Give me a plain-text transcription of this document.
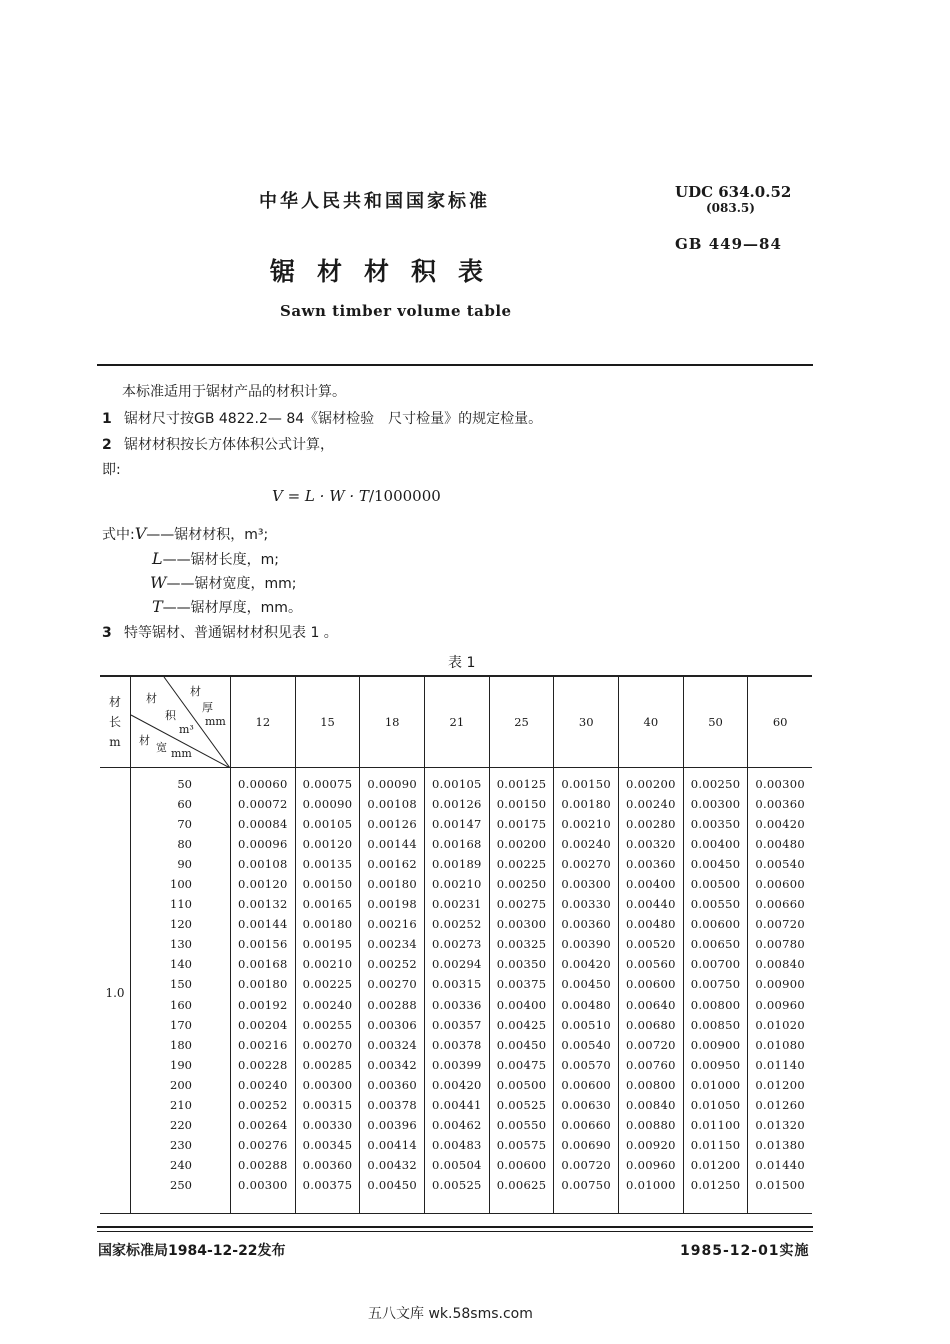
中华人民共和国国家标准	UDC 634.0.52
(083.5)
GB 449—84
锯材材积表
Sawn timber volume table
本标准适用于锯材产品的材积计算。
1 锯材尺寸按GB 4822.2— 84《锯材检验　尺寸检量》的规定检量。
2 锯材材积按长方体体积公式计算，
即:
V = L · W · T/1000000
式中:V——锯材材积，m³;
L——锯材长度，m;
W——锯材宽度，mm;
T——锯材厚度，mm。
3 特等锯材、普通锯材材积见表 1 。
表 1
材
长
m

材
厚
mm
材
积
m³
材
宽 mm
	12	15	18	21	25	30	40	50	60
1.0	50	0.00060	0.00075	0.00090	0.00105	0.00125	0.00150	0.00200	0.00250	0.00300
	60	0.00072	0.00090	0.00108	0.00126	0.00150	0.00180	0.00240	0.00300	0.00360
	70	0.00084	0.00105	0.00126	0.00147	0.00175	0.00210	0.00280	0.00350	0.00420
	80	0.00096	0.00120	0.00144	0.00168	0.00200	0.00240	0.00320	0.00400	0.00480
	90	0.00108	0.00135	0.00162	0.00189	0.00225	0.00270	0.00360	0.00450	0.00540
	100	0.00120	0.00150	0.00180	0.00210	0.00250	0.00300	0.00400	0.00500	0.00600
	110	0.00132	0.00165	0.00198	0.00231	0.00275	0.00330	0.00440	0.00550	0.00660
	120	0.00144	0.00180	0.00216	0.00252	0.00300	0.00360	0.00480	0.00600	0.00720
	130	0.00156	0.00195	0.00234	0.00273	0.00325	0.00390	0.00520	0.00650	0.00780
	140	0.00168	0.00210	0.00252	0.00294	0.00350	0.00420	0.00560	0.00700	0.00840
	150	0.00180	0.00225	0.00270	0.00315	0.00375	0.00450	0.00600	0.00750	0.00900
	160	0.00192	0.00240	0.00288	0.00336	0.00400	0.00480	0.00640	0.00800	0.00960
	170	0.00204	0.00255	0.00306	0.00357	0.00425	0.00510	0.00680	0.00850	0.01020
	180	0.00216	0.00270	0.00324	0.00378	0.00450	0.00540	0.00720	0.00900	0.01080
	190	0.00228	0.00285	0.00342	0.00399	0.00475	0.00570	0.00760	0.00950	0.01140
	200	0.00240	0.00300	0.00360	0.00420	0.00500	0.00600	0.00800	0.01000	0.01200
	210	0.00252	0.00315	0.00378	0.00441	0.00525	0.00630	0.00840	0.01050	0.01260
	220	0.00264	0.00330	0.00396	0.00462	0.00550	0.00660	0.00880	0.01100	0.01320
	230	0.00276	0.00345	0.00414	0.00483	0.00575	0.00690	0.00920	0.01150	0.01380
	240	0.00288	0.00360	0.00432	0.00504	0.00600	0.00720	0.00960	0.01200	0.01440
	250	0.00300	0.00375	0.00450	0.00525	0.00625	0.00750	0.01000	0.01250	0.01500
国家标准局1984-12-22发布	1985-12-01实施
五八文库 wk.58sms.com
